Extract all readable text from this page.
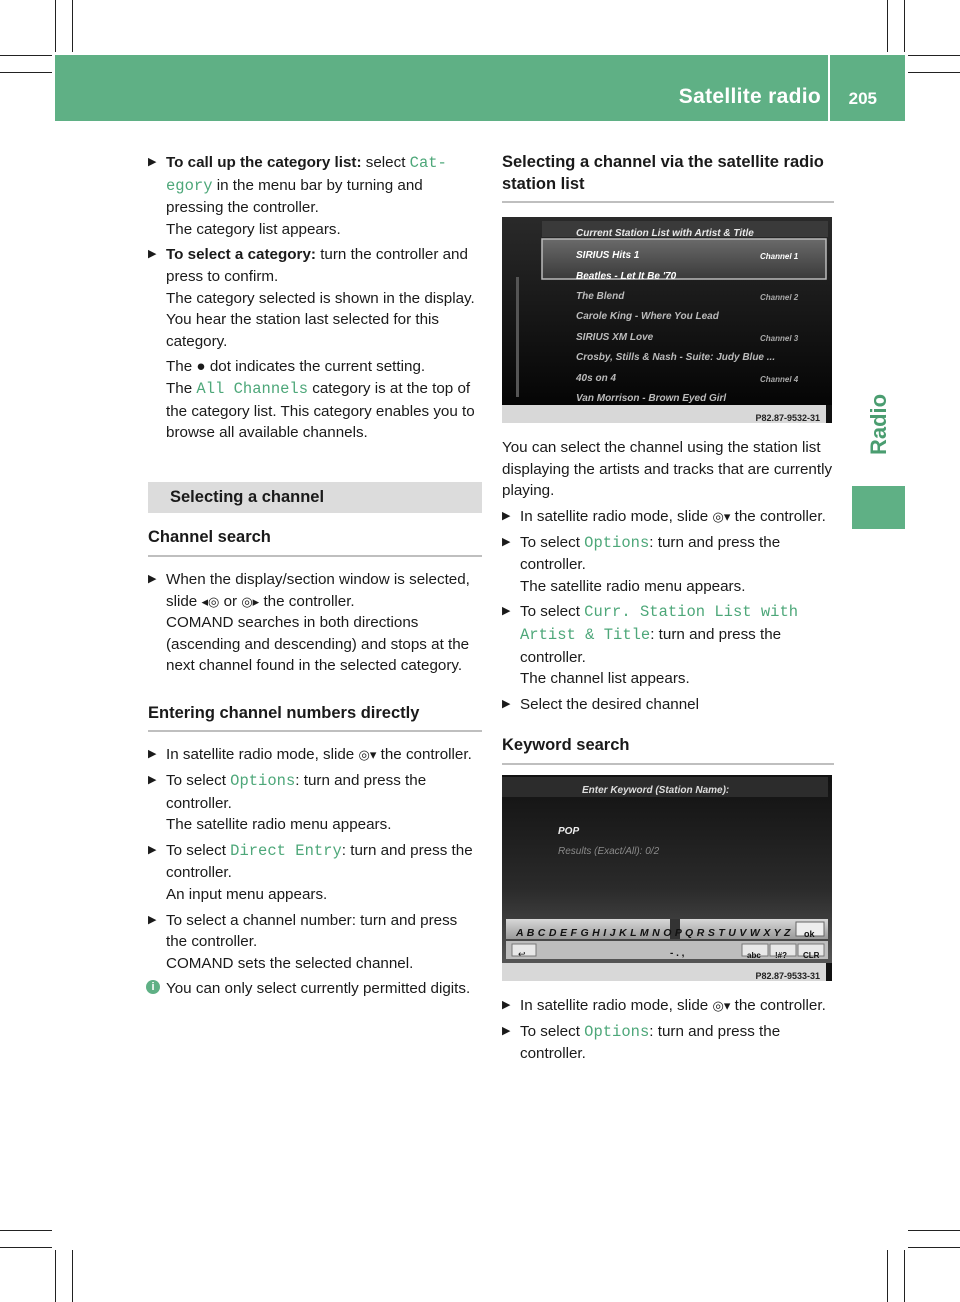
Satellite radio 205
Radio
▶ To call up the category list: select Cat-egory in the menu bar by turning and pressing the controller.
The category list appears.
▶ To select a category: turn the controller and press to confirm.
The category selected is shown in the display. You hear the station last selected for this category.

The ● dot indicates the current setting.

The All Channels category is at the top of the category list. This category enables you to browse all available channels.

Selecting a channel
Channel search
▶ When the display/section window is selected, slide ◂◎ or ◎▸ the controller.
COMAND searches in both directions (ascending and descending) and stops at the next channel found in the selected category.
Entering channel numbers directly
▶ In satellite radio mode, slide ◎▾ the controller.
▶ To select Options: turn and press the controller.
The satellite radio menu appears.
▶ To select Direct Entry: turn and press the controller.
An input menu appears.
▶ To select a channel number: turn and press the controller.
COMAND sets the selected channel.
i You can only select currently permitted digits.
Selecting a channel via the satellite radio station list
Current Station List with Artist & Title
SIRIUS Hits 1	Channel 1
Beatles - Let It Be '70
The Blend	Channel 2
Carole King - Where You Lead
SIRIUS XM Love	Channel 3
Crosby, Stills & Nash - Suite: Judy Blue ...
40s on 4	Channel 4
Van Morrison - Brown Eyed Girl
P82.87-9532-31

You can select the channel using the station list displaying the artists and tracks that are currently playing.

▶ In satellite radio mode, slide ◎▾ the controller.
▶ To select Options: turn and press the controller.
The satellite radio menu appears.
▶ To select Curr. Station List with Artist & Title: turn and press the controller.
The channel list appears.
▶ Select the desired channel
Keyword search
Enter Keyword (Station Name):
POP
Results (Exact/All): 0/2
A B C D E F G H I J K L M N O P Q R S T U V W X Y Z ok
↩	- . ,	abc !#? CLR
P82.87-9533-31
▶ In satellite radio mode, slide ◎▾ the controller.
▶ To select Options: turn and press the controller.
